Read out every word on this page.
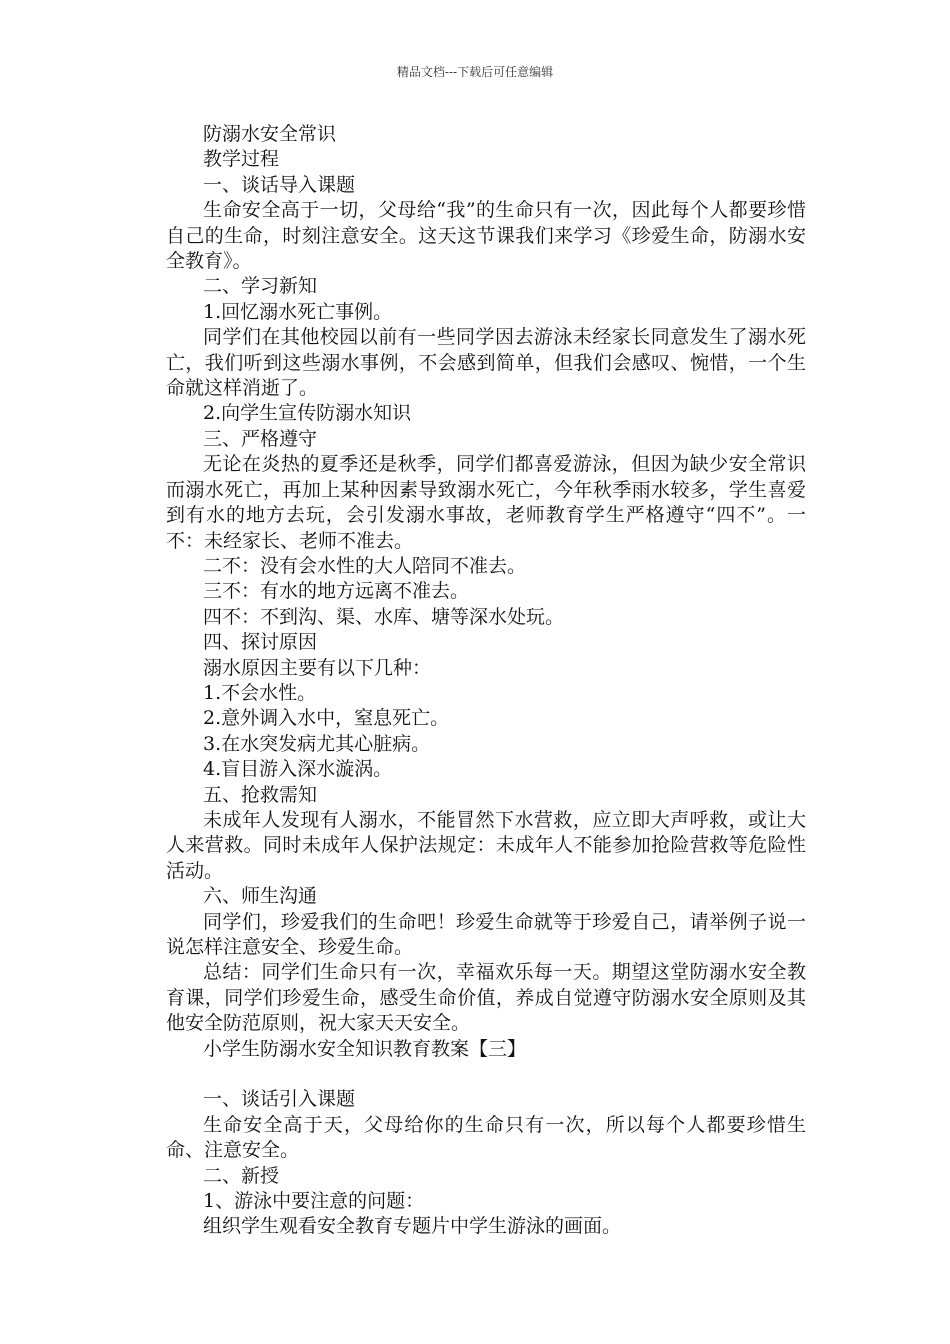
精品文档---下载后可任意编辑

防溺水安全常识

教学过程

一、谈话导入课题

生命安全高于一切，父母给“我”的生命只有一次，因此每个人都要珍惜自己的生命，时刻注意安全。这天这节课我们来学习《珍爱生命，防溺水安全教育》。

二、学习新知

1.回忆溺水死亡事例。

同学们在其他校园以前有一些同学因去游泳未经家长同意发生了溺水死亡，我们听到这些溺水事例，不会感到简单，但我们会感叹、惋惜，一个生命就这样消逝了。

2.向学生宣传防溺水知识

三、严格遵守

无论在炎热的夏季还是秋季，同学们都喜爱游泳，但因为缺少安全常识而溺水死亡，再加上某种因素导致溺水死亡，今年秋季雨水较多，学生喜爱到有水的地方去玩，会引发溺水事故，老师教育学生严格遵守“四不”。一不：未经家长、老师不准去。

二不：没有会水性的大人陪同不准去。

三不：有水的地方远离不准去。

四不：不到沟、渠、水库、塘等深水处玩。

四、探讨原因

溺水原因主要有以下几种：

1.不会水性。

2.意外调入水中，窒息死亡。

3.在水突发病尤其心脏病。

4.盲目游入深水漩涡。

五、抢救需知

未成年人发现有人溺水，不能冒然下水营救，应立即大声呼救，或让大人来营救。同时未成年人保护法规定：未成年人不能参加抢险营救等危险性活动。

六、师生沟通

同学们，珍爱我们的生命吧！珍爱生命就等于珍爱自己，请举例子说一说怎样注意安全、珍爱生命。

总结：同学们生命只有一次，幸福欢乐每一天。期望这堂防溺水安全教育课，同学们珍爱生命，感受生命价值，养成自觉遵守防溺水安全原则及其他安全防范原则，祝大家天天安全。

小学生防溺水安全知识教育教案【三】

一、谈话引入课题

生命安全高于天，父母给你的生命只有一次，所以每个人都要珍惜生命、注意安全。

二、新授

1、游泳中要注意的问题：

组织学生观看安全教育专题片中学生游泳的画面。
